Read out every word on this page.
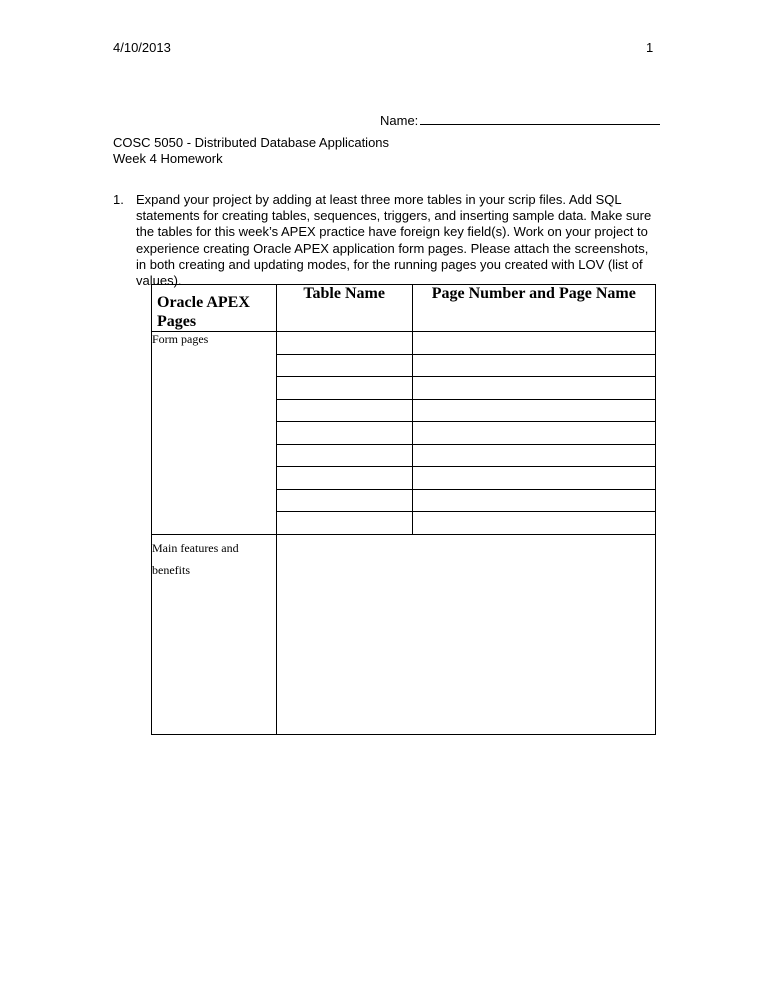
4/10/2013	1
Name:
COSC 5050 - Distributed Database Applications
Week 4 Homework
1. Expand your project by adding at least three more tables in your scrip files. Add SQL statements for creating tables, sequences, triggers, and inserting sample data. Make sure the tables for this week’s APEX practice have foreign key field(s). Work on your project to experience creating Oracle APEX application form pages. Please attach the screenshots, in both creating and updating modes, for the running pages you created with LOV (list of values).
Oracle APEX Pages	Table Name	Page Number and Page Name
Form pages		

Main features and
benefits		
